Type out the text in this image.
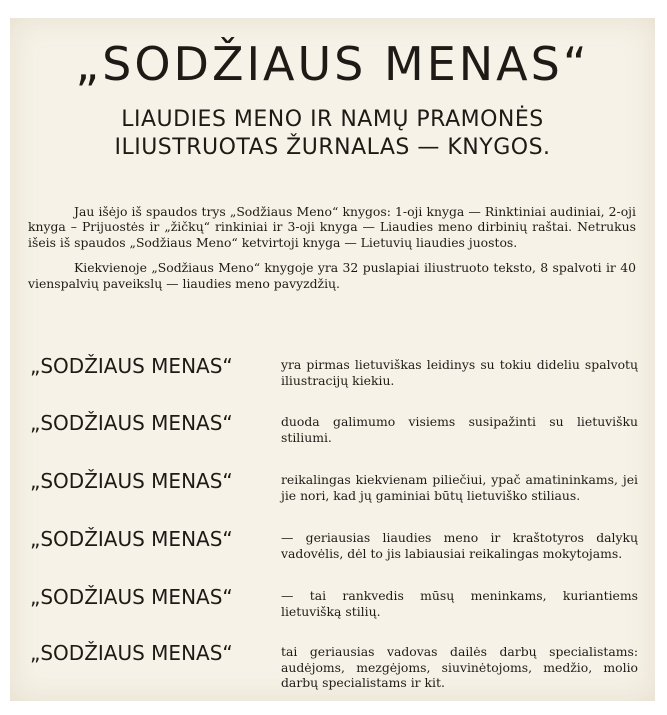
„SODŽIAUS MENAS“
LIAUDIES MENO IR NAMŲ PRAMONĖS
ILIUSTRUOTAS ŽURNALAS — KNYGOS.

Jau išėjo iš spaudos trys „Sodžiaus Meno“ knygos: 1-oji knyga — Rinktiniai audiniai, 2-oji knyga – Prijuostės ir „žičkų“ rinkiniai ir 3-oji knyga — Liaudies meno dirbinių raštai. Netrukus išeis iš spaudos „Sodžiaus Meno“ ketvirtoji knyga — Lietuvių liaudies juostos.

Kiekvienoje „Sodžiaus Meno“ knygoje yra 32 puslapiai iliustruoto teksto, 8 spalvoti ir 40 vienspalvių paveikslų — liaudies meno pavyzdžių.

„SODŽIAUS MENAS“	yra pirmas lietuviškas leidinys su tokiu dideliu spalvotų iliustracijų kiekiu.
„SODŽIAUS MENAS“	duoda galimumo visiems susipažinti su lietuvišku stiliumi.
„SODŽIAUS MENAS“	reikalingas kiekvienam piliečiui, ypač amatininkams, jei jie nori, kad jų gaminiai būtų lietuviško stiliaus.
„SODŽIAUS MENAS“	— geriausias liaudies meno ir kraštotyros dalykų vadovėlis, dėl to jis labiausiai reikalingas mokytojams.
„SODŽIAUS MENAS“	— tai rankvedis mūsų meninkams, kuriantiems lietuvišką stilių.
„SODŽIAUS MENAS“	tai geriausias vadovas dailės darbų specialistams: audėjoms, mezgėjoms, siuvinėtojoms, medžio, molio darbų specialistams ir kit.
